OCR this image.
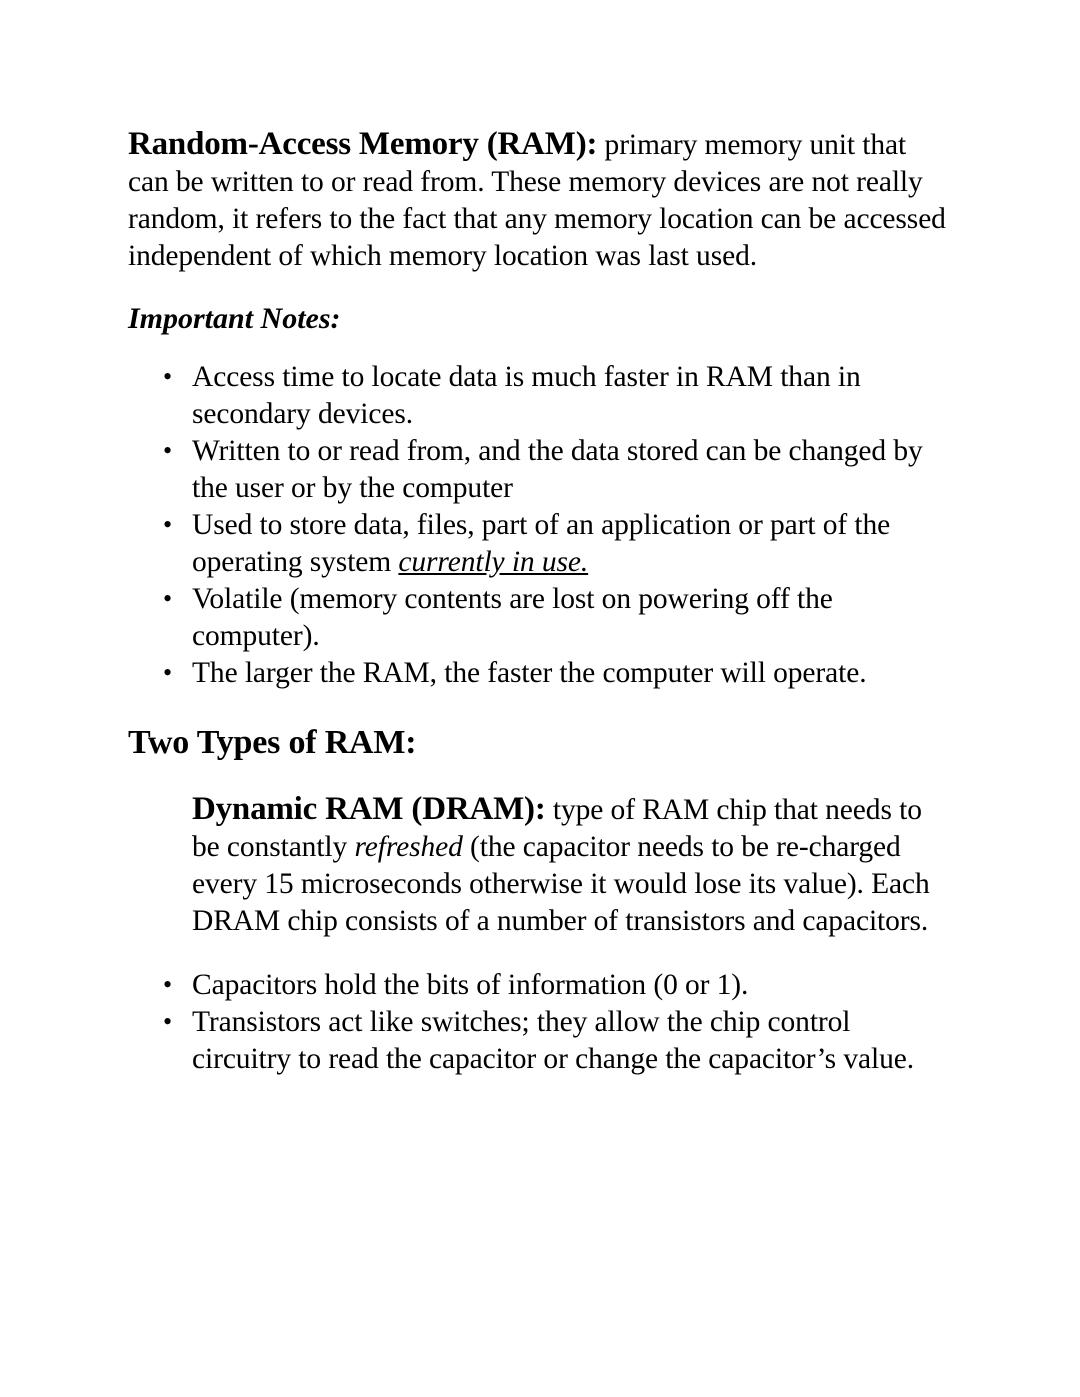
Random-Access Memory (RAM): primary memory unit that can be written to or read from. These memory devices are not really random, it refers to the fact that any memory location can be accessed independent of which memory location was last used.

Important Notes:

• Access time to locate data is much faster in RAM than in secondary devices.
• Written to or read from, and the data stored can be changed by the user or by the computer
• Used to store data, files, part of an application or part of the operating system currently in use.
• Volatile (memory contents are lost on powering off the computer).
• The larger the RAM, the faster the computer will operate.

Two Types of RAM:

Dynamic RAM (DRAM): type of RAM chip that needs to be constantly refreshed (the capacitor needs to be re-charged every 15 microseconds otherwise it would lose its value). Each DRAM chip consists of a number of transistors and capacitors.

• Capacitors hold the bits of information (0 or 1).
• Transistors act like switches; they allow the chip control circuitry to read the capacitor or change the capacitor’s value.
